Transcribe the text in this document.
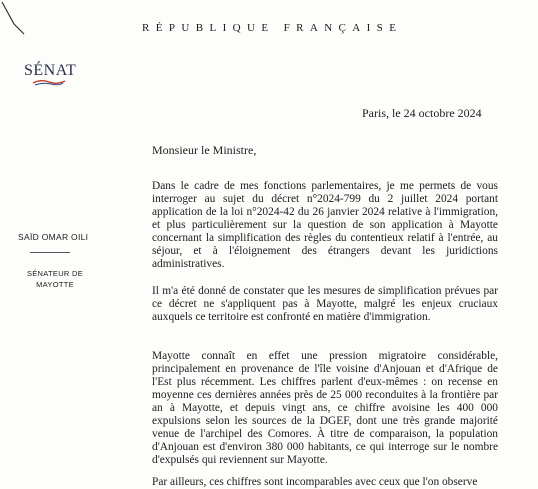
RÉPUBLIQUE FRANÇAISE
SÉNAT
Paris, le 24 octobre 2024
Monsieur le Ministre,
SAÏD OMAR OILI
SÉNATEUR DE MAYOTTE
Dans le cadre de mes fonctions parlementaires, je me permets de vous interroger au sujet du décret n°2024-799 du 2 juillet 2024 portant application de la loi n°2024-42 du 26 janvier 2024 relative à l'immigration, et plus particulièrement sur la question de son application à Mayotte concernant la simplification des règles du contentieux relatif à l'entrée, au séjour, et à l'éloignement des étrangers devant les juridictions administratives.
Il m'a été donné de constater que les mesures de simplification prévues par ce décret ne s'appliquent pas à Mayotte, malgré les enjeux cruciaux auxquels ce territoire est confronté en matière d'immigration.
Mayotte connaît en effet une pression migratoire considérable, principalement en provenance de l'île voisine d'Anjouan et d'Afrique de l'Est plus récemment. Les chiffres parlent d'eux-mêmes : on recense en moyenne ces dernières années près de 25 000 reconduites à la frontière par an à Mayotte, et depuis vingt ans, ce chiffre avoisine les 400 000 expulsions selon les sources de la DGEF, dont une très grande majorité venue de l'archipel des Comores. À titre de comparaison, la population d'Anjouan est d'environ 380 000 habitants, ce qui interroge sur le nombre d'expulsés qui reviennent sur Mayotte.
Par ailleurs, ces chiffres sont incomparables avec ceux que l'on observe
